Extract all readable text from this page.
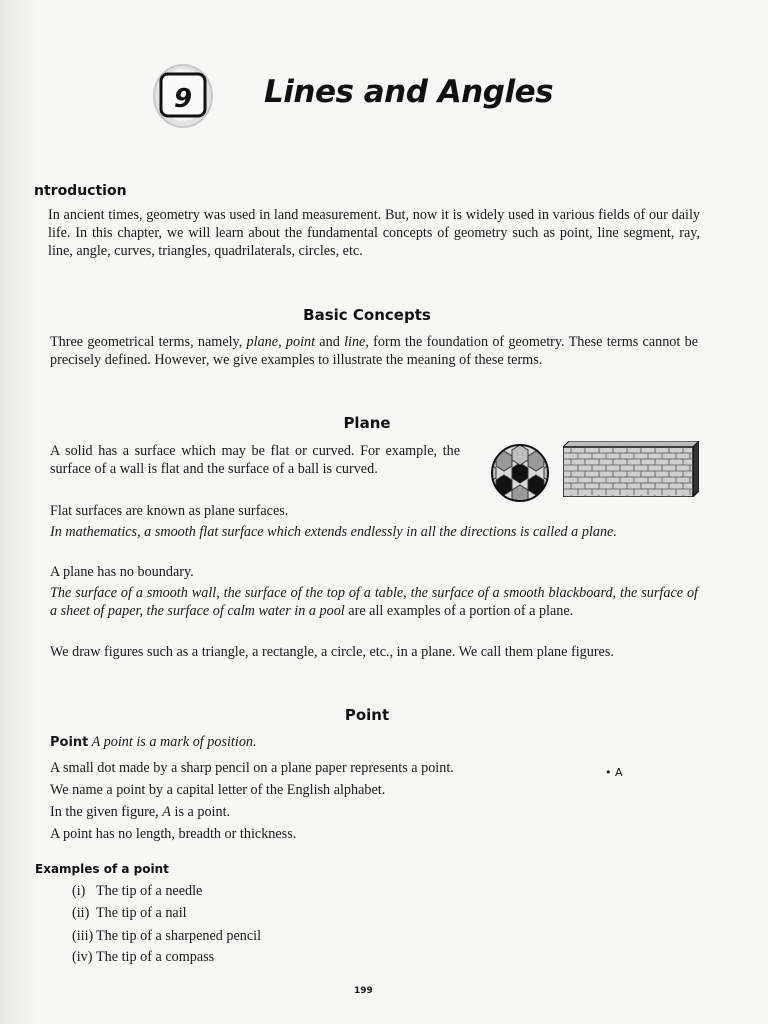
9 Lines and Angles
ntroduction
In ancient times, geometry was used in land measurement. But, now it is widely used in various fields of our daily life. In this chapter, we will learn about the fundamental concepts of geometry such as point, line segment, ray, line, angle, curves, triangles, quadrilaterals, circles, etc.
Basic Concepts
Three geometrical terms, namely, plane, point and line, form the foundation of geometry. These terms cannot be precisely defined. However, we give examples to illustrate the meaning of these terms.
Plane
A solid has a surface which may be flat or curved. For example, the surface of a wall is flat and the surface of a ball is curved.
Flat surfaces are known as plane surfaces.
In mathematics, a smooth flat surface which extends endlessly in all the directions is called a plane.
A plane has no boundary.
The surface of a smooth wall, the surface of the top of a table, the surface of a smooth blackboard, the surface of a sheet of paper, the surface of calm water in a pool are all examples of a portion of a plane.
We draw figures such as a triangle, a rectangle, a circle, etc., in a plane. We call them plane figures.
Point
Point A point is a mark of position.
A small dot made by a sharp pencil on a plane paper represents a point.	• A
We name a point by a capital letter of the English alphabet.
In the given figure, A is a point.
A point has no length, breadth or thickness.
Examples of a point
(i) The tip of a needle
(ii) The tip of a nail
(iii) The tip of a sharpened pencil
(iv) The tip of a compass
199
